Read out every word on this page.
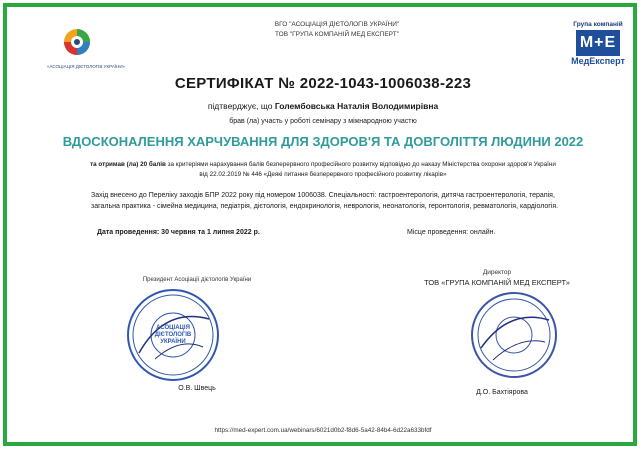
«АСОЦІАЦІЯ ДІЄТОЛОГІВ УКРАЇНИ»
ВГО "АСОЦІАЦІЯ ДІЄТОЛОГІВ УКРАЇНИ"
ТОВ "ГРУПА КОМПАНІЙ МЕД ЕКСПЕРТ"
Група компаній
М+Е
МедЕксперт
СЕРТИФІКАТ № 2022-1043-1006038-223
підтверджує, що Голембовська Наталія Володимирівна
брав (ла) участь у роботі семінару з міжнародною участю
ВДОСКОНАЛЕННЯ ХАРЧУВАННЯ ДЛЯ ЗДОРОВ'Я ТА ДОВГОЛІТТЯ ЛЮДИНИ 2022
та отримав (ла) 20 балів за критеріями нарахування балів безперервного професійного розвитку відповідно до наказу Міністерства охорони здоров'я України від 22.02.2019 № 446 «Деякі питання безперервного професійного розвитку лікарів»
Захід внесено до Переліку заходів БПР 2022 року під номером 1006038. Спеціальності: гастроентерологія, дитяча гастроентерологія, терапія, загальна практика - сімейна медицина, педіатрія, дієтологія, ендокринологія, неврологія, неонатологія, геронтологія, ревматологія, кардіологія.
Дата проведення: 30 червня та 1 липня 2022 р.	Місце проведення: онлайн.
Президент Асоціації дієтологів України
Директор
ТОВ «ГРУПА КОМПАНІЙ МЕД ЕКСПЕРТ»
АСОЦІАЦІЯ ДІЄТОЛОГІВ УКРАЇНИ
О.В. Швець
Д.О. Бахтіярова
https://med-expert.com.ua/webinars/6021d0b2-f8d6-5a42-84b4-6d22a633bfdf
